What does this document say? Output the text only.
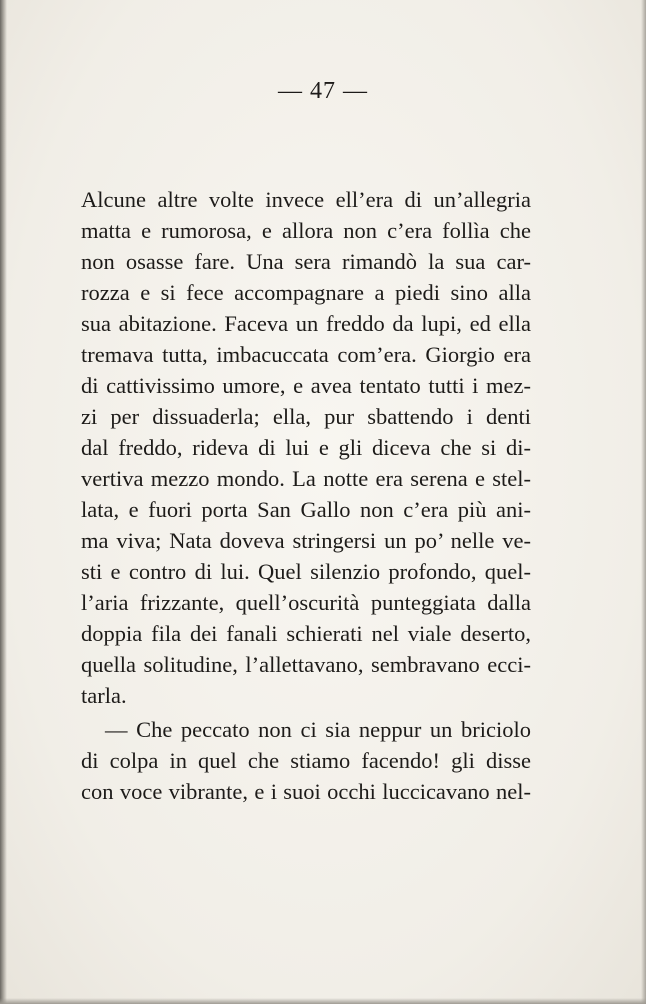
— 47 —
Alcune altre volte invece ell’era di un’allegria
matta e rumorosa, e allora non c’era follìa che
non osasse fare. Una sera rimandò la sua car-
rozza e si fece accompagnare a piedi sino alla
sua abitazione. Faceva un freddo da lupi, ed ella
tremava tutta, imbacuccata com’era. Giorgio era
di cattivissimo umore, e avea tentato tutti i mez-
zi per dissuaderla; ella, pur sbattendo i denti
dal freddo, rideva di lui e gli diceva che si di-
vertiva mezzo mondo. La notte era serena e stel-
lata, e fuori porta San Gallo non c’era più ani-
ma viva; Nata doveva stringersi un po’ nelle ve-
sti e contro di lui. Quel silenzio profondo, quel-
l’aria frizzante, quell’oscurità punteggiata dalla
doppia fila dei fanali schierati nel viale deserto,
quella solitudine, l’allettavano, sembravano ecci-
tarla.
— Che peccato non ci sia neppur un briciolo
di colpa in quel che stiamo facendo! gli disse
con voce vibrante, e i suoi occhi luccicavano nel-
